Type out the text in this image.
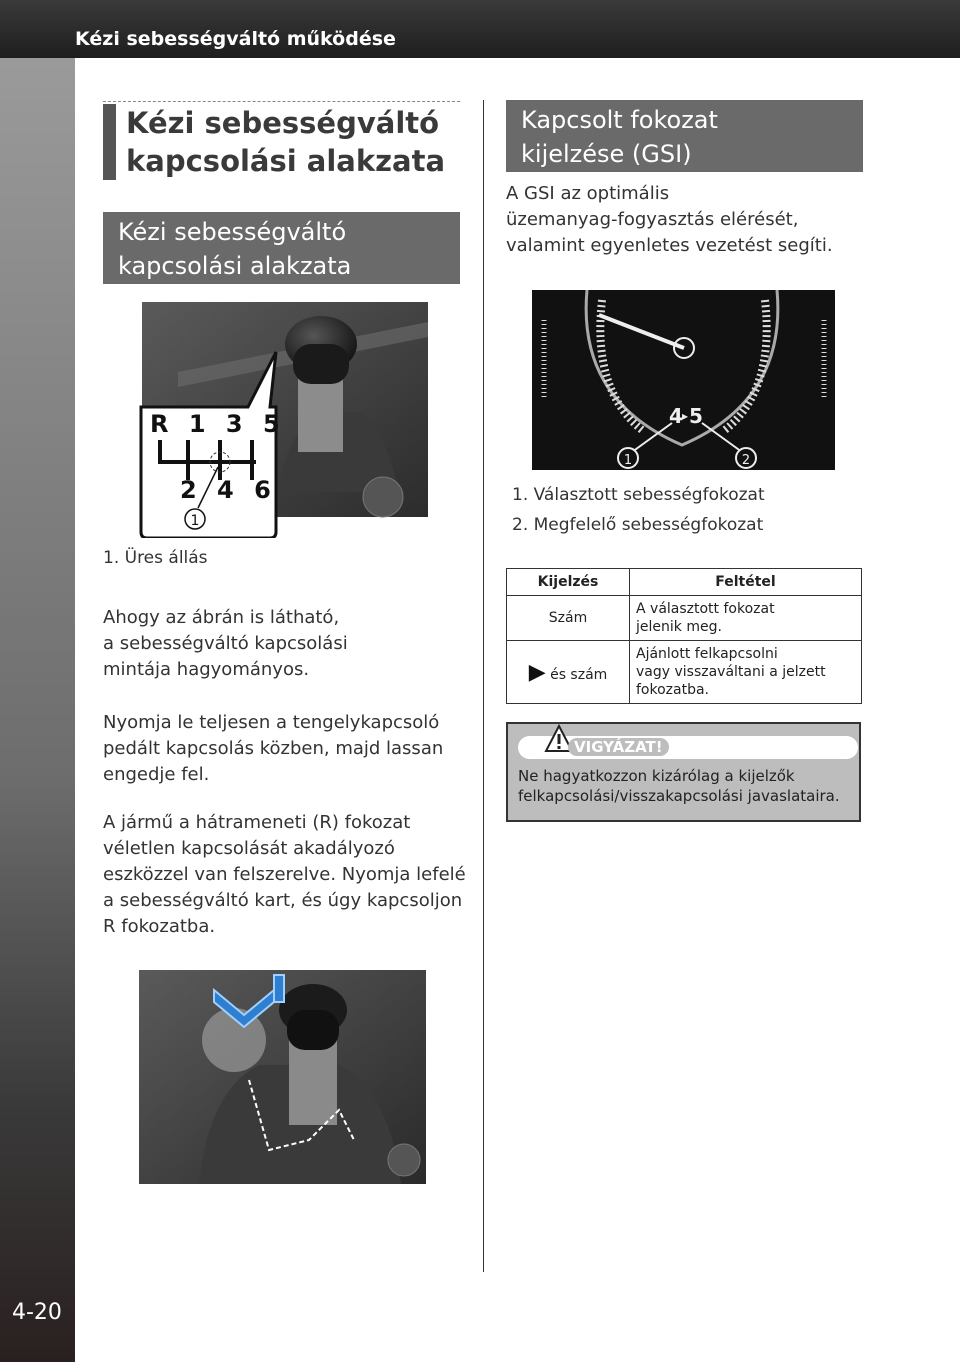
Kézi sebességváltó működése
4-20
Kézi sebességváltó
kapcsolási alakzata
Kézi sebességváltó
kapcsolási alakzata
R 1 3 5
2 4 6
1
1. Üres állás
Ahogy az ábrán is látható,
a sebességváltó kapcsolási
mintája hagyományos.
Nyomja le teljesen a tengelykapcsoló
pedált kapcsolás közben, majd lassan
engedje fel.
A jármű a hátrameneti (R) fokozat
véletlen kapcsolását akadályozó
eszközzel van felszerelve. Nyomja lefelé
a sebességváltó kart, és úgy kapcsoljon
R fokozatba.
Kapcsolt fokozat
kijelzése (GSI)
A GSI az optimális
üzemanyag-fogyasztás elérését,
valamint egyenletes vezetést segíti.
4 ▸ 5
1	2
1. Választott sebességfokozat
2. Megfelelő sebességfokozat
Kijelzés	Feltétel
Szám	A választott fokozat
jelenik meg.
▶ és szám	Ajánlott felkapcsolni
vagy visszaváltani a jelzett
fokozatba.
VIGYÁZAT!
Ne hagyatkozzon kizárólag a kijelzők felkapcsolási/visszakapcsolási javaslataira.
